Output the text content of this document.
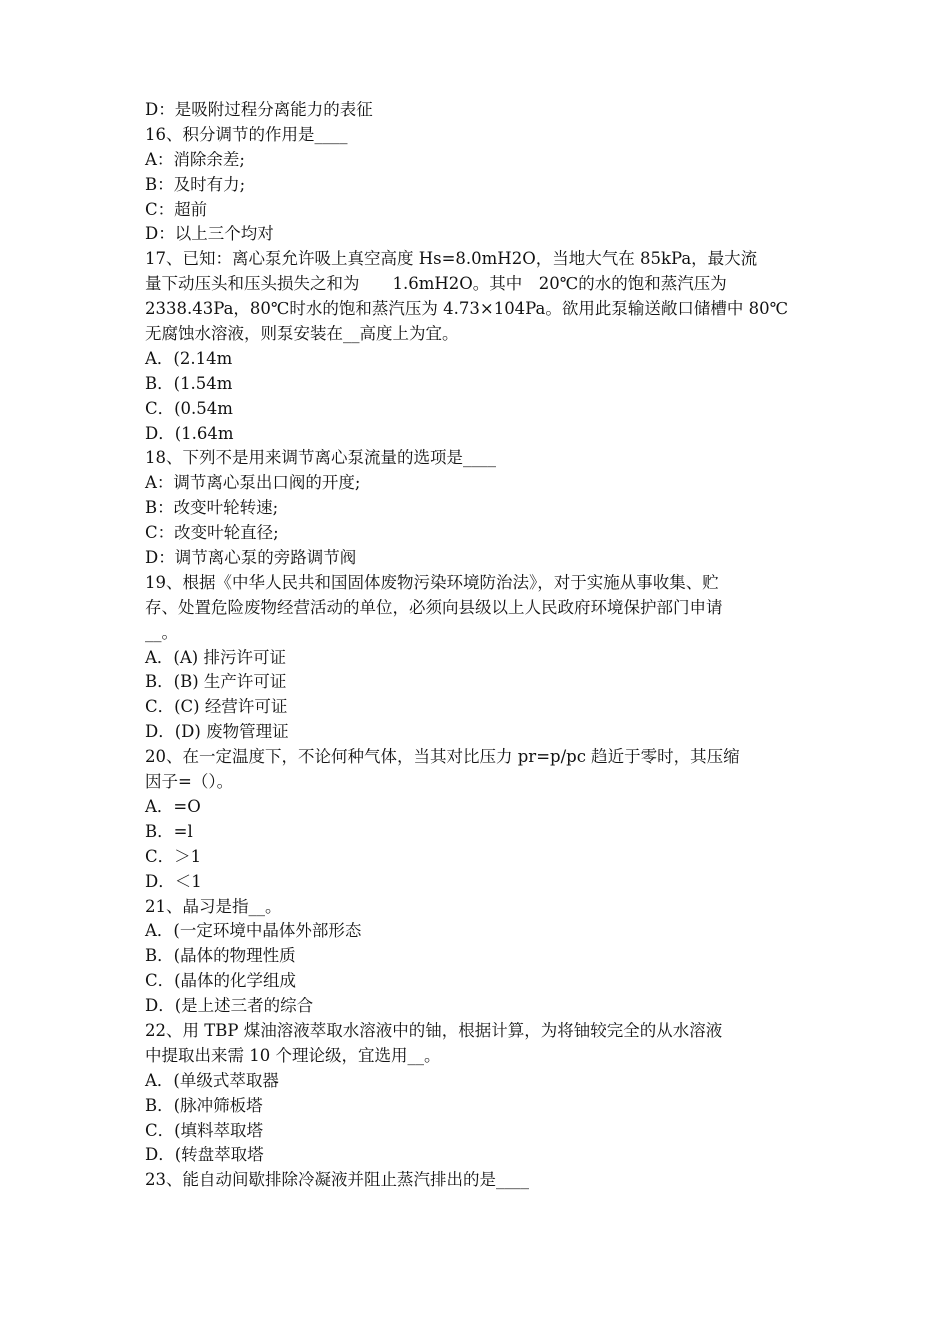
D：是吸附过程分离能力的表征
16、积分调节的作用是____
A：消除余差;
B：及时有力;
C：超前
D：以上三个均对
17、已知：离心泵允许吸上真空高度 Hs=8.0mH2O，当地大气在 85kPa，最大流
量下动压头和压头损失之和为　　1.6mH2O。其中　20℃的水的饱和蒸汽压为
2338.43Pa，80℃时水的饱和蒸汽压为 4.73×104Pa。欲用此泵输送敞口储槽中 80℃
无腐蚀水溶液，则泵安装在__高度上为宜。
A．(2.14m
B．(1.54m
C．(0.54m
D．(1.64m
18、下列不是用来调节离心泵流量的选项是____
A：调节离心泵出口阀的开度;
B：改变叶轮转速;
C：改变叶轮直径;
D：调节离心泵的旁路调节阀
19、根据《中华人民共和国固体废物污染环境防治法》，对于实施从事收集、贮
存、处置危险废物经营活动的单位，必须向县级以上人民政府环境保护部门申请
__。
A．(A) 排污许可证
B．(B) 生产许可证
C．(C) 经营许可证
D．(D) 废物管理证
20、在一定温度下，不论何种气体，当其对比压力 pr=p/pc 趋近于零时，其压缩
因子=（）。
A．=O
B．=l
C．＞1
D．＜1
21、晶习是指__。
A．(一定环境中晶体外部形态
B．(晶体的物理性质
C．(晶体的化学组成
D．(是上述三者的综合
22、用 TBP 煤油溶液萃取水溶液中的铀，根据计算，为将铀较完全的从水溶液
中提取出来需 10 个理论级，宜选用__。
A．(单级式萃取器
B．(脉冲筛板塔
C．(填料萃取塔
D．(转盘萃取塔
23、能自动间歇排除冷凝液并阻止蒸汽排出的是____
